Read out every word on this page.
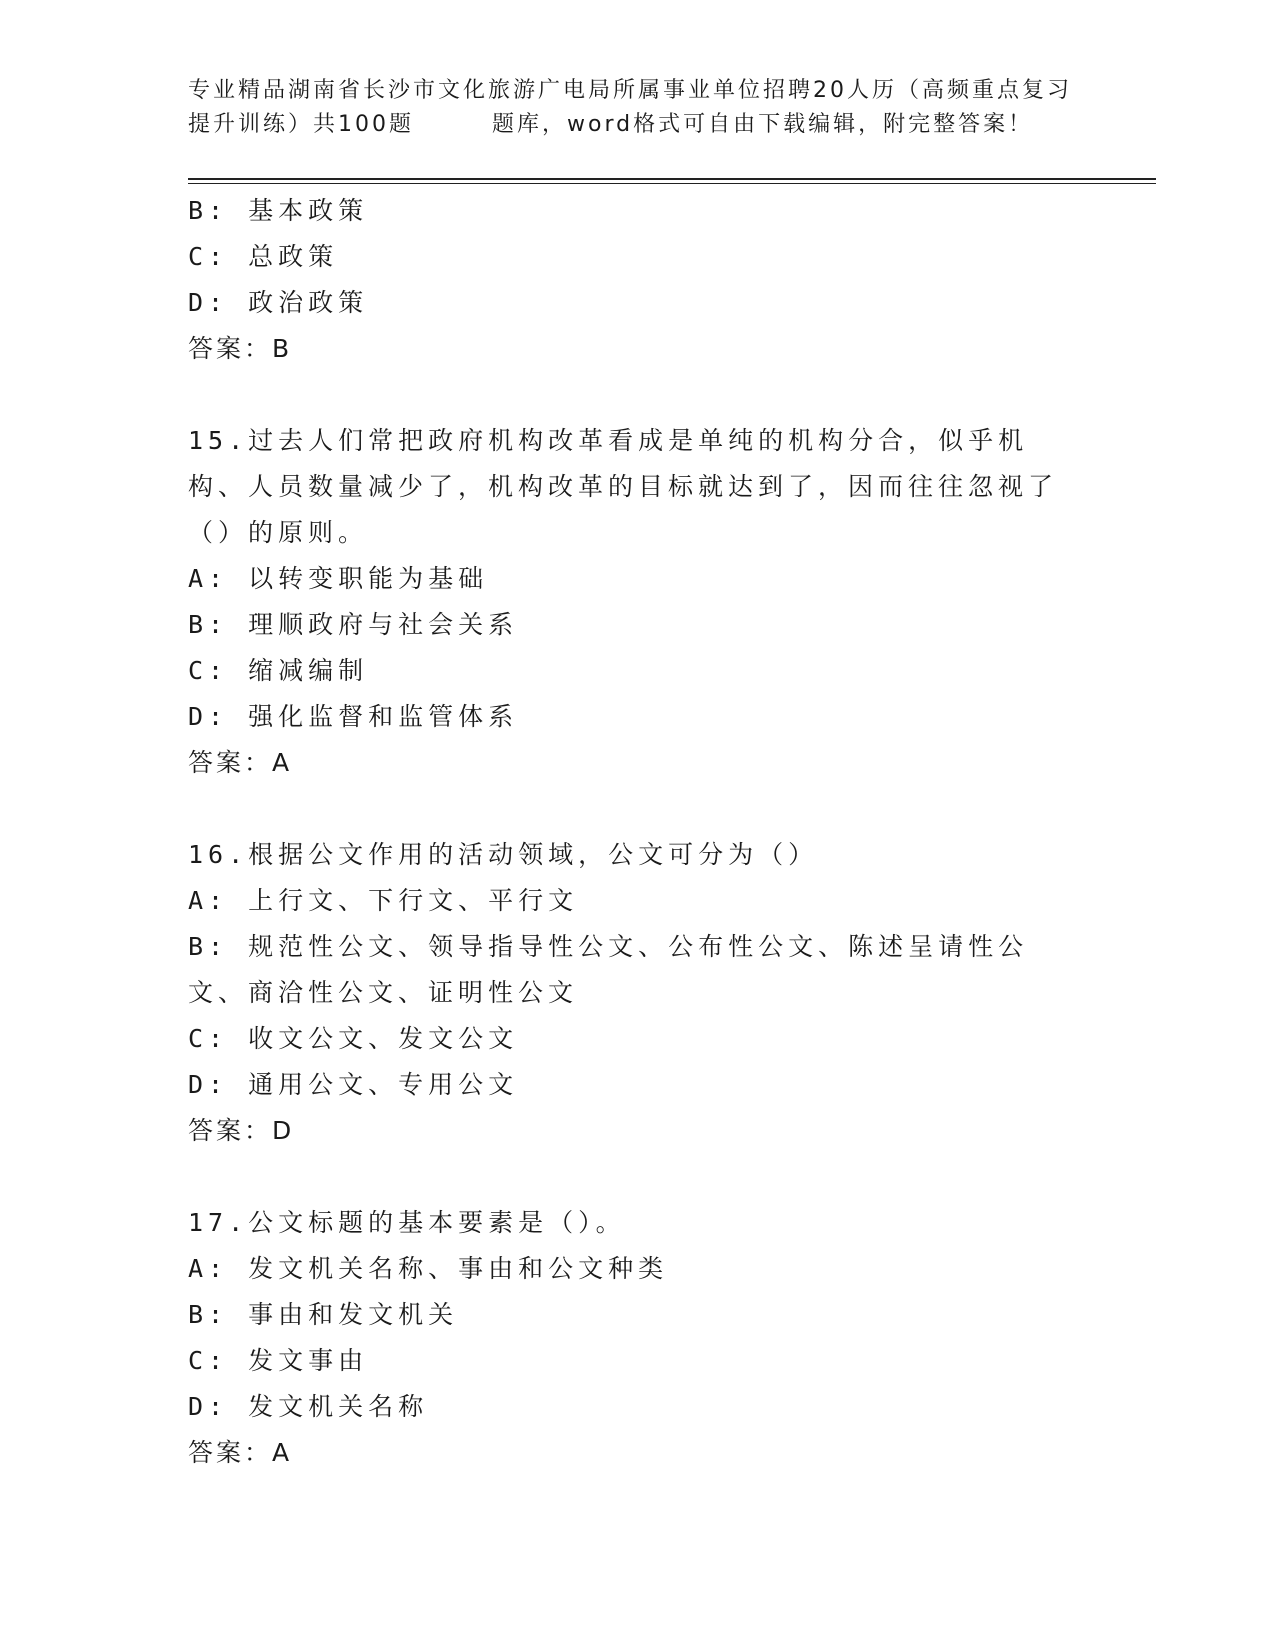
专业精品湖南省长沙市文化旅游广电局所属事业单位招聘20人历（高频重点复习提升训练）共100题	题库，word格式可自由下载编辑，附完整答案！

B: 基本政策

C: 总政策

D: 政治政策

答案：B

15.过去人们常把政府机构改革看成是单纯的机构分合，似乎机构、人员数量减少了，机构改革的目标就达到了，因而往往忽视了（）的原则。

A: 以转变职能为基础

B: 理顺政府与社会关系

C: 缩减编制

D: 强化监督和监管体系

答案：A

16.根据公文作用的活动领域，公文可分为（）

A: 上行文、下行文、平行文

B: 规范性公文、领导指导性公文、公布性公文、陈述呈请性公文、商洽性公文、证明性公文

C: 收文公文、发文公文

D: 通用公文、专用公文

答案：D

17.公文标题的基本要素是（）。

A: 发文机关名称、事由和公文种类

B: 事由和发文机关

C: 发文事由

D: 发文机关名称

答案：A
